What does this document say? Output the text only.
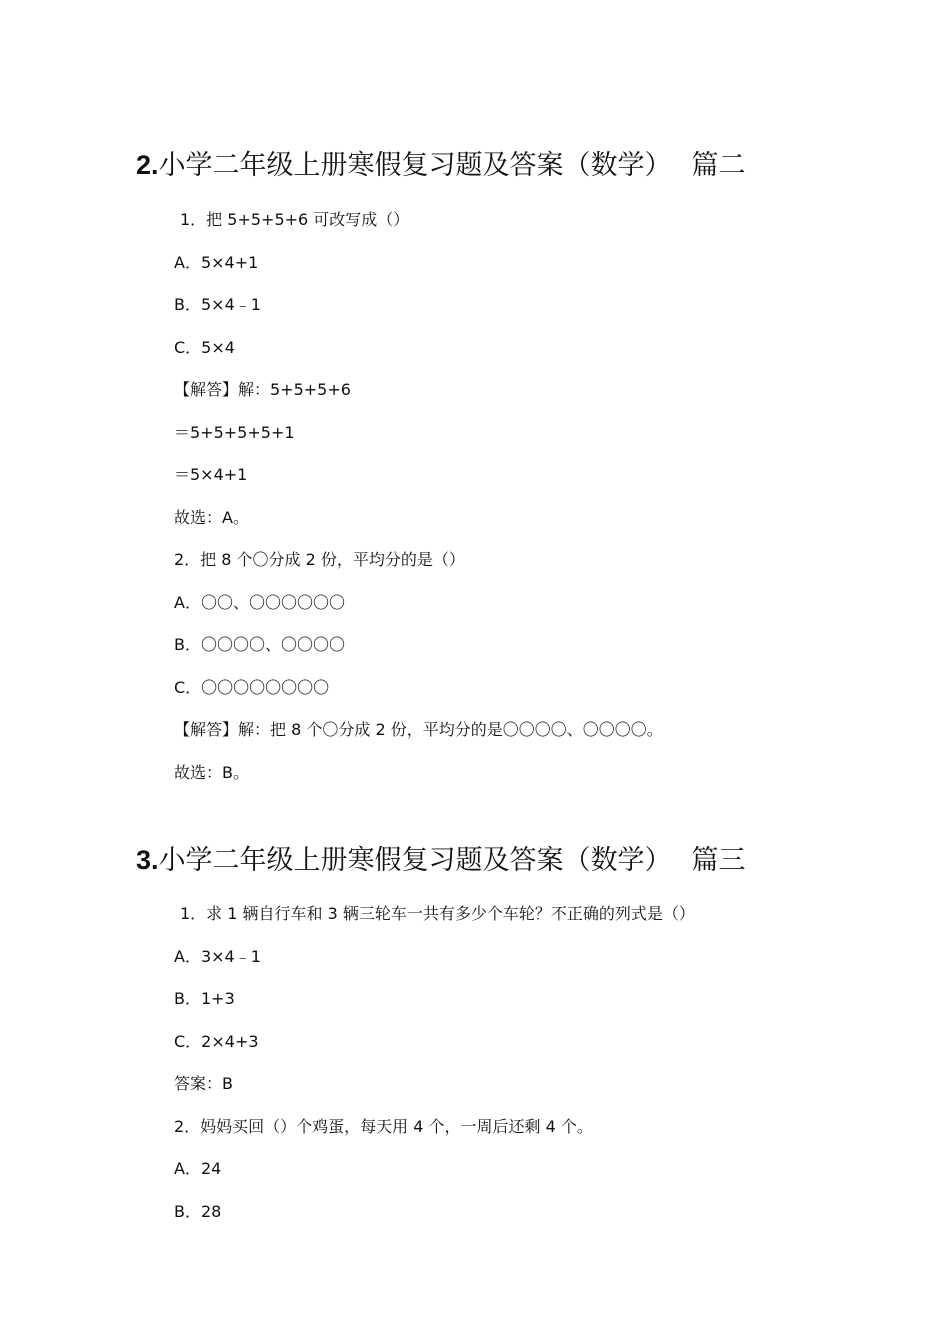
2.小学二年级上册寒假复习题及答案（数学） 篇二
1．把 5+5+5+6 可改写成（）
A．5×4+1
B．5×4﹣1
C．5×4
【解答】解：5+5+5+6
＝5+5+5+5+1
＝5×4+1
故选：A。
2．把 8 个〇分成 2 份，平均分的是（）
A．〇〇、〇〇〇〇〇〇
B．〇〇〇〇、〇〇〇〇
C．〇〇〇〇〇〇〇〇
【解答】解：把 8 个〇分成 2 份，平均分的是〇〇〇〇、〇〇〇〇。
故选：B。
3.小学二年级上册寒假复习题及答案（数学） 篇三
1．求 1 辆自行车和 3 辆三轮车一共有多少个车轮？不正确的列式是（）
A．3×4﹣1
B．1+3
C．2×4+3
答案：B
2．妈妈买回（）个鸡蛋，每天用 4 个，一周后还剩 4 个。
A．24
B．28
